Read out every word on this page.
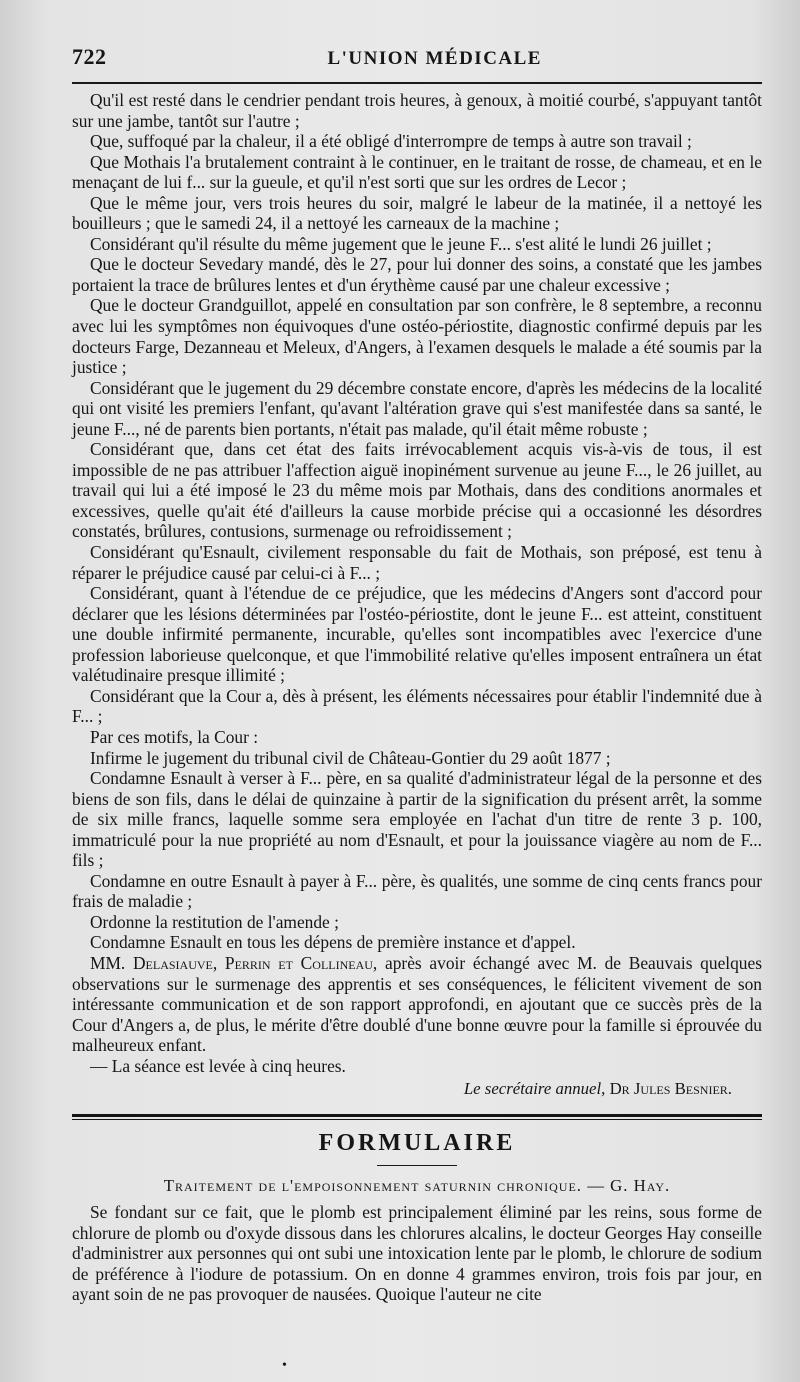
722	L'UNION MÉDICALE

Qu'il est resté dans le cendrier pendant trois heures, à genoux, à moitié courbé, s'appuyant tantôt sur une jambe, tantôt sur l'autre ;

Que, suffoqué par la chaleur, il a été obligé d'interrompre de temps à autre son travail ;

Que Mothais l'a brutalement contraint à le continuer, en le traitant de rosse, de chameau, et en le menaçant de lui f... sur la gueule, et qu'il n'est sorti que sur les ordres de Lecor ;

Que le même jour, vers trois heures du soir, malgré le labeur de la matinée, il a nettoyé les bouilleurs ; que le samedi 24, il a nettoyé les carneaux de la machine ;

Considérant qu'il résulte du même jugement que le jeune F... s'est alité le lundi 26 juillet ;

Que le docteur Sevedary mandé, dès le 27, pour lui donner des soins, a constaté que les jambes portaient la trace de brûlures lentes et d'un érythème causé par une chaleur excessive ;

Que le docteur Grandguillot, appelé en consultation par son confrère, le 8 septembre, a reconnu avec lui les symptômes non équivoques d'une ostéo-périostite, diagnostic confirmé depuis par les docteurs Farge, Dezanneau et Meleux, d'Angers, à l'examen desquels le malade a été soumis par la justice ;

Considérant que le jugement du 29 décembre constate encore, d'après les médecins de la localité qui ont visité les premiers l'enfant, qu'avant l'altération grave qui s'est manifestée dans sa santé, le jeune F..., né de parents bien portants, n'était pas malade, qu'il était même robuste ;

Considérant que, dans cet état des faits irrévocablement acquis vis-à-vis de tous, il est impossible de ne pas attribuer l'affection aiguë inopinément survenue au jeune F..., le 26 juillet, au travail qui lui a été imposé le 23 du même mois par Mothais, dans des conditions anormales et excessives, quelle qu'ait été d'ailleurs la cause morbide précise qui a occasionné les désordres constatés, brûlures, contusions, surmenage ou refroidissement ;

Considérant qu'Esnault, civilement responsable du fait de Mothais, son préposé, est tenu à réparer le préjudice causé par celui-ci à F... ;

Considérant, quant à l'étendue de ce préjudice, que les médecins d'Angers sont d'accord pour déclarer que les lésions déterminées par l'ostéo-périostite, dont le jeune F... est atteint, constituent une double infirmité permanente, incurable, qu'elles sont incompatibles avec l'exercice d'une profession laborieuse quelconque, et que l'immobilité relative qu'elles imposent entraînera un état valétudinaire presque illimité ;

Considérant que la Cour a, dès à présent, les éléments nécessaires pour établir l'indemnité due à F... ;

Par ces motifs, la Cour :

Infirme le jugement du tribunal civil de Château-Gontier du 29 août 1877 ;

Condamne Esnault à verser à F... père, en sa qualité d'administrateur légal de la personne et des biens de son fils, dans le délai de quinzaine à partir de la signification du présent arrêt, la somme de six mille francs, laquelle somme sera employée en l'achat d'un titre de rente 3 p. 100, immatriculé pour la nue propriété au nom d'Esnault, et pour la jouissance viagère au nom de F... fils ;

Condamne en outre Esnault à payer à F... père, ès qualités, une somme de cinq cents francs pour frais de maladie ;

Ordonne la restitution de l'amende ;

Condamne Esnault en tous les dépens de première instance et d'appel.

MM. Delasiauve, Perrin et Collineau, après avoir échangé avec M. de Beauvais quelques observations sur le surmenage des apprentis et ses conséquences, le félicitent vivement de son intéressante communication et de son rapport approfondi, en ajoutant que ce succès près de la Cour d'Angers a, de plus, le mérite d'être doublé d'une bonne œuvre pour la famille si éprouvée du malheureux enfant.

— La séance est levée à cinq heures.

Le secrétaire annuel, Dr Jules Besnier.
FORMULAIRE
Traitement de l'empoisonnement saturnin chronique. — G. Hay.

Se fondant sur ce fait, que le plomb est principalement éliminé par les reins, sous forme de chlorure de plomb ou d'oxyde dissous dans les chlorures alcalins, le docteur Georges Hay conseille d'administrer aux personnes qui ont subi une intoxication lente par le plomb, le chlorure de sodium de préférence à l'iodure de potassium. On en donne 4 grammes environ, trois fois par jour, en ayant soin de ne pas provoquer de nausées. Quoique l'auteur ne cite

•
